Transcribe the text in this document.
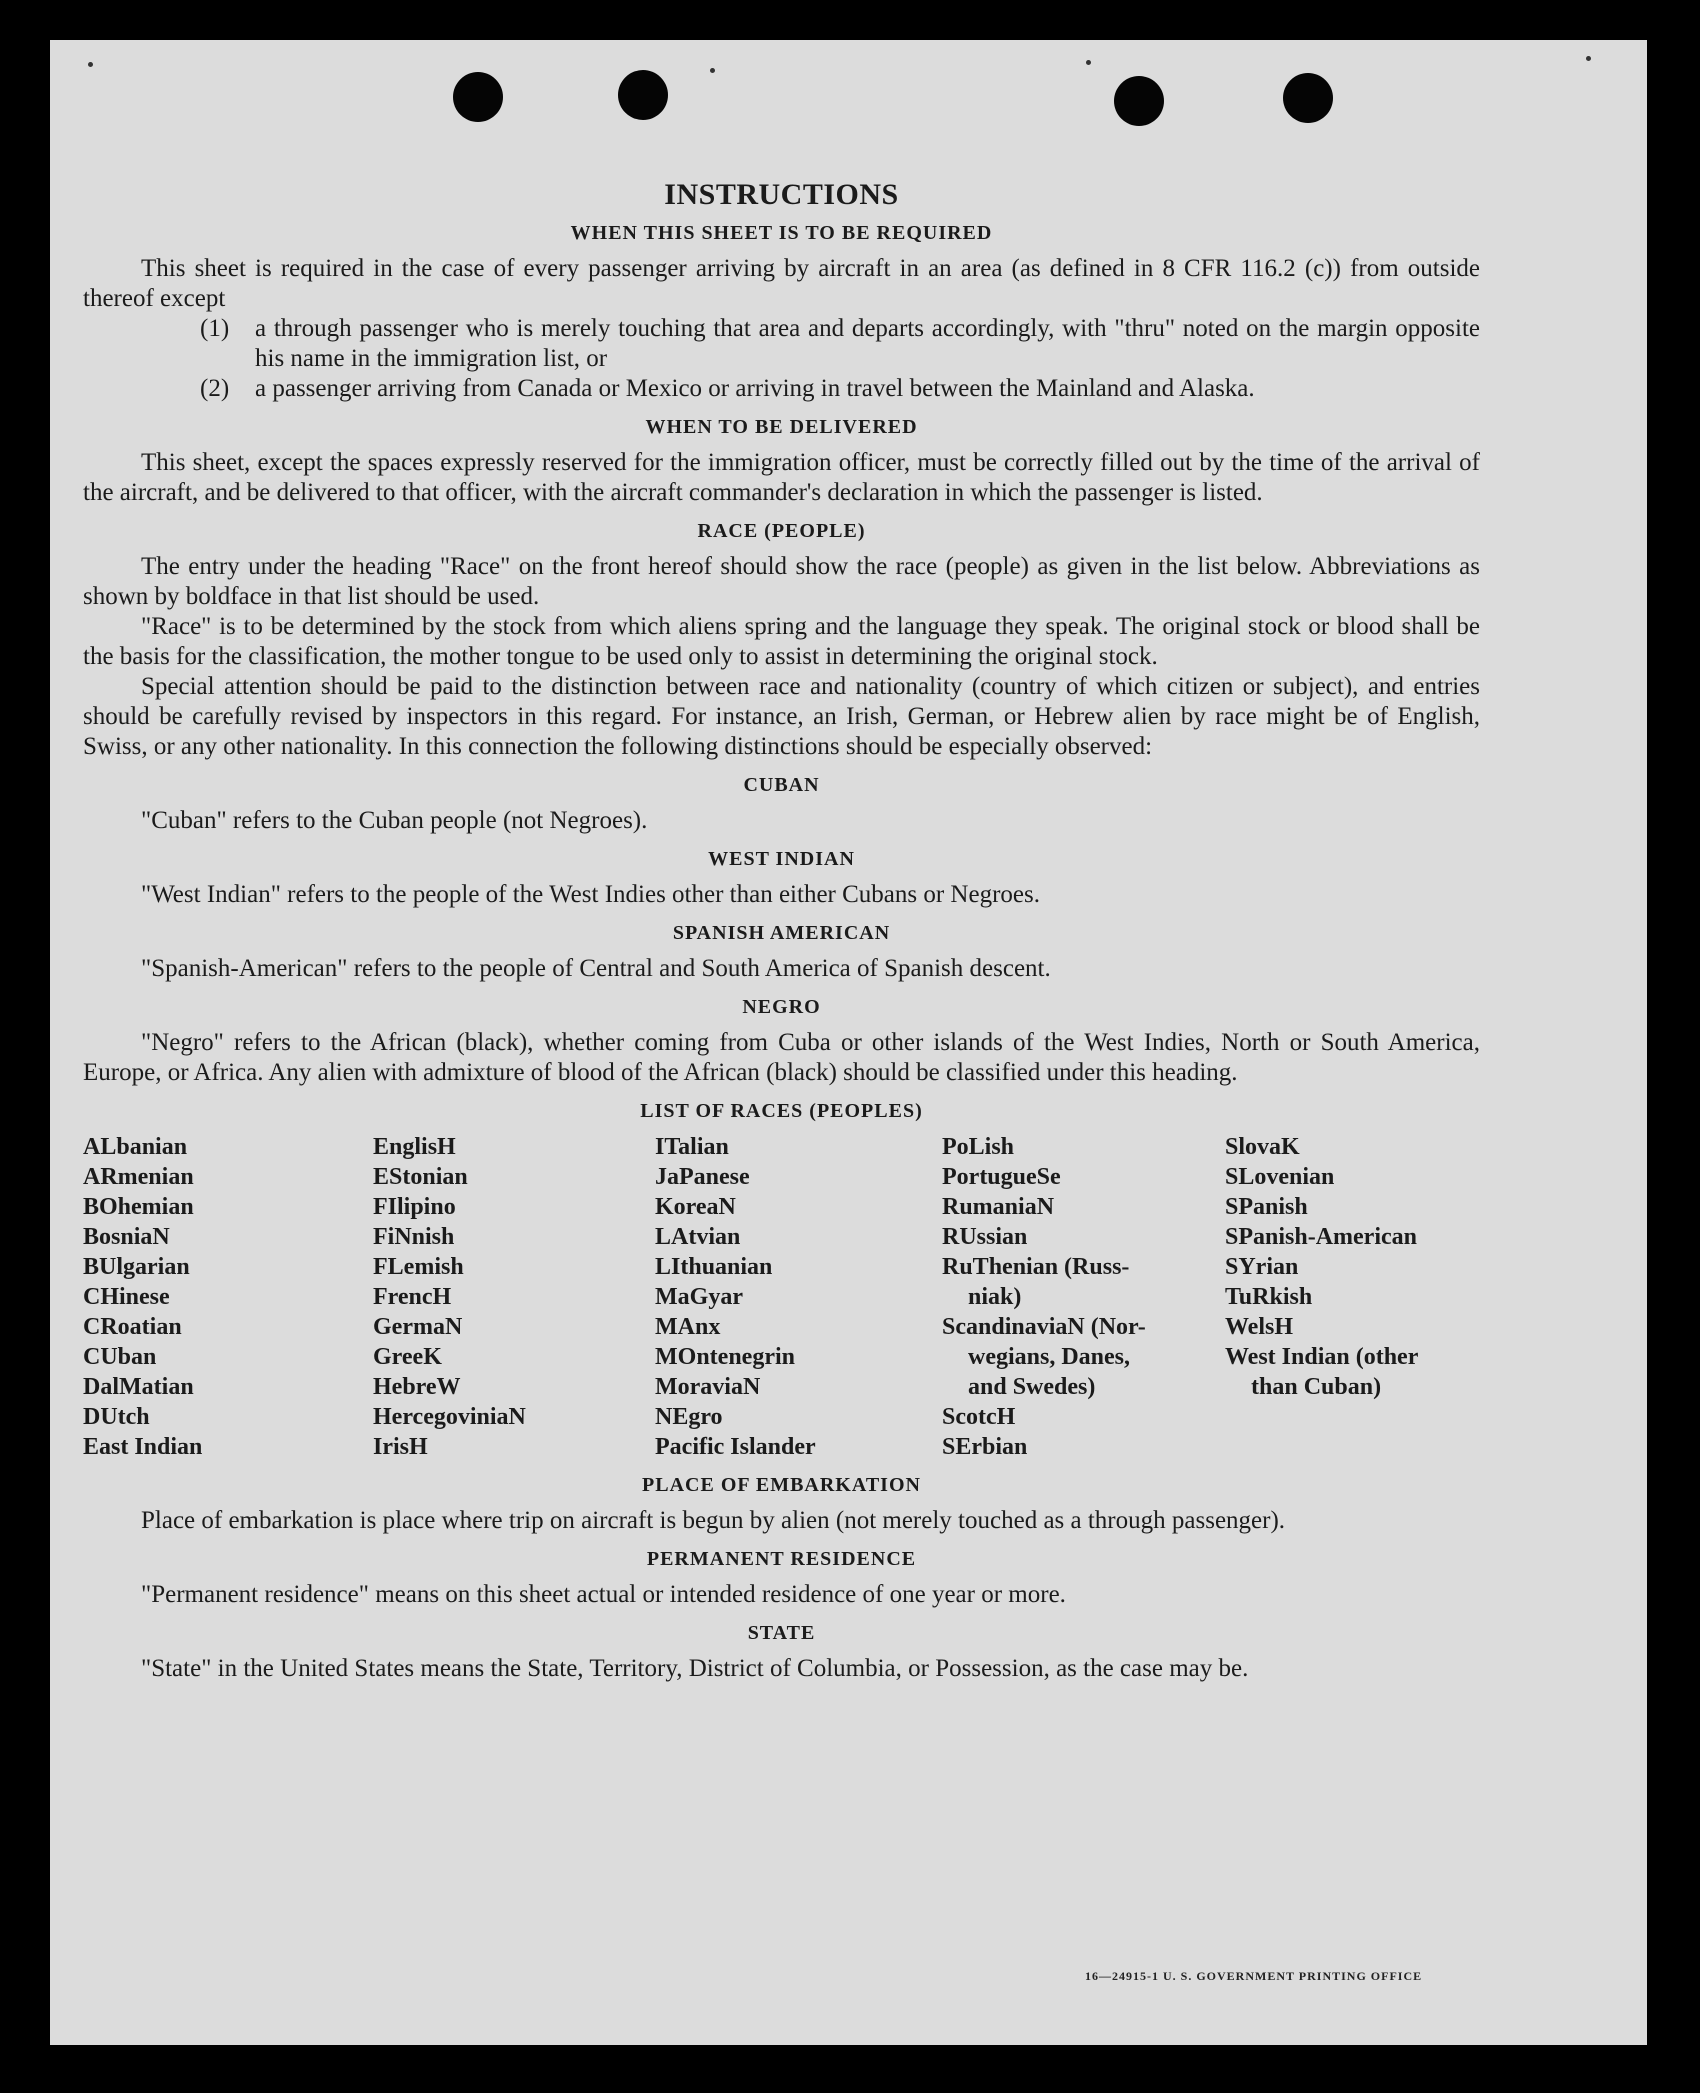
INSTRUCTIONS
WHEN THIS SHEET IS TO BE REQUIRED

This sheet is required in the case of every passenger arriving by aircraft in an area (as defined in 8 CFR 116.2 (c)) from outside thereof except

(1)	a through passenger who is merely touching that area and departs accordingly, with "thru" noted on the margin opposite his name in the immigration list, or
(2)	a passenger arriving from Canada or Mexico or arriving in travel between the Mainland and Alaska.
WHEN TO BE DELIVERED

This sheet, except the spaces expressly reserved for the immigration officer, must be correctly filled out by the time of the arrival of the aircraft, and be delivered to that officer, with the aircraft commander's declaration in which the passenger is listed.

RACE (PEOPLE)

The entry under the heading "Race" on the front hereof should show the race (people) as given in the list below. Abbreviations as shown by boldface in that list should be used.

"Race" is to be determined by the stock from which aliens spring and the language they speak. The original stock or blood shall be the basis for the classification, the mother tongue to be used only to assist in determining the original stock.

Special attention should be paid to the distinction between race and nationality (country of which citizen or subject), and entries should be carefully revised by inspectors in this regard. For instance, an Irish, German, or Hebrew alien by race might be of English, Swiss, or any other nationality. In this connection the following distinctions should be especially observed:

CUBAN

"Cuban" refers to the Cuban people (not Negroes).

WEST INDIAN

"West Indian" refers to the people of the West Indies other than either Cubans or Negroes.

SPANISH AMERICAN

"Spanish-American" refers to the people of Central and South America of Spanish descent.

NEGRO

"Negro" refers to the African (black), whether coming from Cuba or other islands of the West Indies, North or South America, Europe, or Africa. Any alien with admixture of blood of the African (black) should be classified under this heading.

LIST OF RACES (PEOPLES)
ALbanian
ARmenian
BOhemian
BosniaN
BUlgarian
CHinese
CRoatian
CUban
DalMatian
DUtch
East Indian
EnglisH
EStonian
FIlipino
FiNnish
FLemish
FrencH
GermaN
GreeK
HebreW
HercegoviniaN
IrisH
ITalian
JaPanese
KoreaN
LAtvian
LIthuanian
MaGyar
MAnx
MOntenegrin
MoraviaN
NEgro
Pacific Islander
PoLish
PortugueSe
RumaniaN
RUssian
RuThenian (Russ-
niak)
ScandinaviaN (Nor-
wegians, Danes,
and Swedes)
ScotcH
SErbian
SlovaK
SLovenian
SPanish
SPanish-American
SYrian
TuRkish
WelsH
West Indian (other
than Cuban)
PLACE OF EMBARKATION

Place of embarkation is place where trip on aircraft is begun by alien (not merely touched as a through passenger).

PERMANENT RESIDENCE

"Permanent residence" means on this sheet actual or intended residence of one year or more.

STATE

"State" in the United States means the State, Territory, District of Columbia, or Possession, as the case may be.

16—24915-1 U. S. GOVERNMENT PRINTING OFFICE
